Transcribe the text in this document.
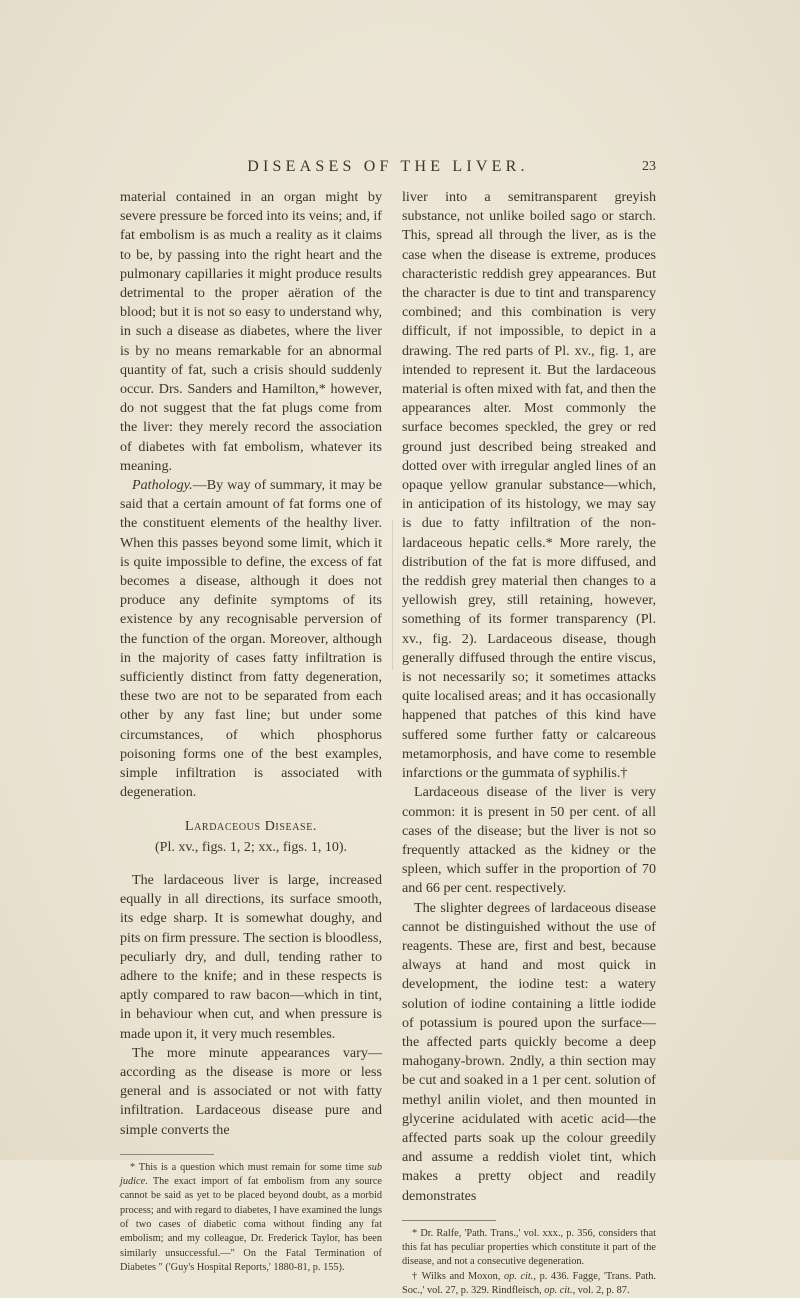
DISEASES OF THE LIVER.	23

material contained in an organ might by severe pressure be forced into its veins; and, if fat embolism is as much a reality as it claims to be, by passing into the right heart and the pulmonary capillaries it might produce results detrimental to the proper aëration of the blood; but it is not so easy to understand why, in such a disease as diabetes, where the liver is by no means remarkable for an abnormal quantity of fat, such a crisis should suddenly occur. Drs. Sanders and Hamilton,* however, do not suggest that the fat plugs come from the liver: they merely record the association of diabetes with fat embolism, whatever its meaning.

Pathology.—By way of summary, it may be said that a certain amount of fat forms one of the constituent elements of the healthy liver. When this passes beyond some limit, which it is quite impossible to define, the excess of fat becomes a disease, although it does not produce any definite symptoms of its existence by any recognisable perversion of the function of the organ. Moreover, although in the majority of cases fatty infiltration is sufficiently distinct from fatty degeneration, these two are not to be separated from each other by any fast line; but under some circumstances, of which phosphorus poisoning forms one of the best examples, simple infiltration is associated with degeneration.

Lardaceous Disease.
(Pl. xv., figs. 1, 2; xx., figs. 1, 10).

The lardaceous liver is large, increased equally in all directions, its surface smooth, its edge sharp. It is somewhat doughy, and pits on firm pressure. The section is bloodless, peculiarly dry, and dull, tending rather to adhere to the knife; and in these respects is aptly compared to raw bacon—which in tint, in behaviour when cut, and when pressure is made upon it, it very much resembles.

The more minute appearances vary—according as the disease is more or less general and is associated or not with fatty infiltration. Lardaceous disease pure and simple converts the

* This is a question which must remain for some time sub judice. The exact import of fat embolism from any source cannot be said as yet to be placed beyond doubt, as a morbid process; and with regard to diabetes, I have examined the lungs of two cases of diabetic coma without finding any fat embolism; and my colleague, Dr. Frederick Taylor, has been similarly unsuccessful.—" On the Fatal Termination of Diabetes " ('Guy's Hospital Reports,' 1880-81, p. 155).

liver into a semitransparent greyish substance, not unlike boiled sago or starch. This, spread all through the liver, as is the case when the disease is extreme, produces characteristic reddish grey appearances. But the character is due to tint and transparency combined; and this combination is very difficult, if not impossible, to depict in a drawing. The red parts of Pl. xv., fig. 1, are intended to represent it. But the lardaceous material is often mixed with fat, and then the appearances alter. Most commonly the surface becomes speckled, the grey or red ground just described being streaked and dotted over with irregular angled lines of an opaque yellow granular substance—which, in anticipation of its histology, we may say is due to fatty infiltration of the non-lardaceous hepatic cells.* More rarely, the distribution of the fat is more diffused, and the reddish grey material then changes to a yellowish grey, still retaining, however, something of its former transparency (Pl. xv., fig. 2). Lardaceous disease, though generally diffused through the entire viscus, is not necessarily so; it sometimes attacks quite localised areas; and it has occasionally happened that patches of this kind have suffered some further fatty or calcareous metamorphosis, and have come to resemble infarctions or the gummata of syphilis.†

Lardaceous disease of the liver is very common: it is present in 50 per cent. of all cases of the disease; but the liver is not so frequently attacked as the kidney or the spleen, which suffer in the proportion of 70 and 66 per cent. respectively.

The slighter degrees of lardaceous disease cannot be distinguished without the use of reagents. These are, first and best, because always at hand and most quick in development, the iodine test: a watery solution of iodine containing a little iodide of potassium is poured upon the surface—the affected parts quickly become a deep mahogany-brown. 2ndly, a thin section may be cut and soaked in a 1 per cent. solution of methyl anilin violet, and then mounted in glycerine acidulated with acetic acid—the affected parts soak up the colour greedily and assume a reddish violet tint, which makes a pretty object and readily demonstrates

* Dr. Ralfe, 'Path. Trans.,' vol. xxx., p. 356, considers that this fat has peculiar properties which constitute it part of the disease, and not a consecutive degeneration.

† Wilks and Moxon, op. cit., p. 436. Fagge, 'Trans. Path. Soc.,' vol. 27, p. 329. Rindfleisch, op. cit., vol. 2, p. 87.
